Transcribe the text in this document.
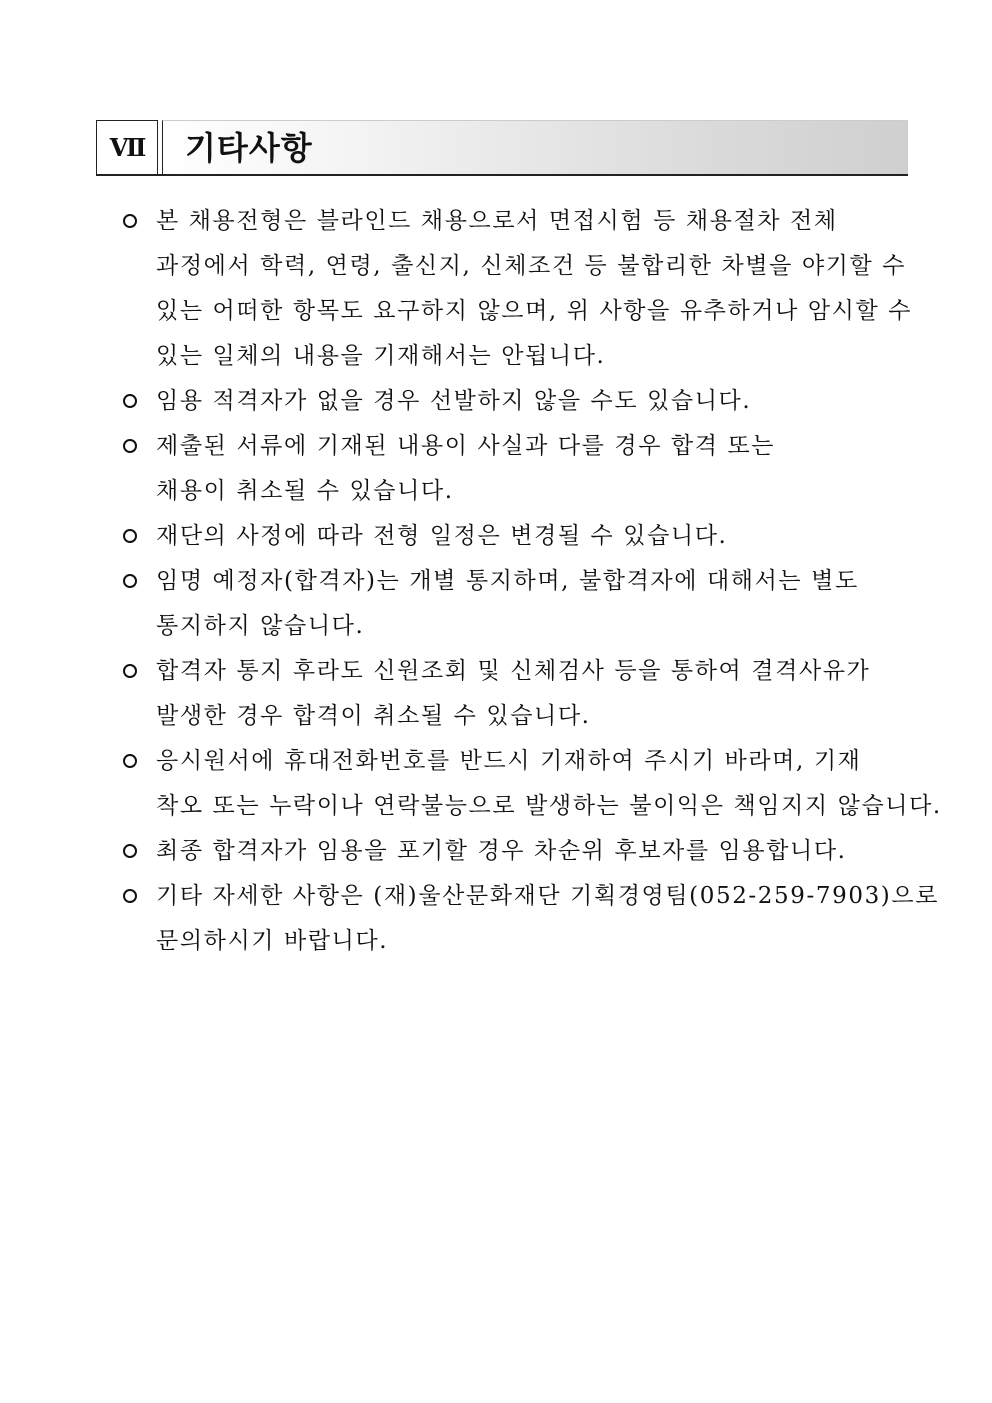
Ⅶ	기타사항
본 채용전형은 블라인드 채용으로서 면접시험 등 채용절차 전체
과정에서 학력, 연령, 출신지, 신체조건 등 불합리한 차별을 야기할 수
있는 어떠한 항목도 요구하지 않으며, 위 사항을 유추하거나 암시할 수
있는 일체의 내용을 기재해서는 안됩니다.
임용 적격자가 없을 경우 선발하지 않을 수도 있습니다.
제출된 서류에 기재된 내용이 사실과 다를 경우 합격 또는
채용이 취소될 수 있습니다.
재단의 사정에 따라 전형 일정은 변경될 수 있습니다.
임명 예정자(합격자)는 개별 통지하며, 불합격자에 대해서는 별도
통지하지 않습니다.
합격자 통지 후라도 신원조회 및 신체검사 등을 통하여 결격사유가
발생한 경우 합격이 취소될 수 있습니다.
응시원서에 휴대전화번호를 반드시 기재하여 주시기 바라며, 기재
착오 또는 누락이나 연락불능으로 발생하는 불이익은 책임지지 않습니다.
최종 합격자가 임용을 포기할 경우 차순위 후보자를 임용합니다.
기타 자세한 사항은 (재)울산문화재단 기획경영팀(052-259-7903)으로
문의하시기 바랍니다.
